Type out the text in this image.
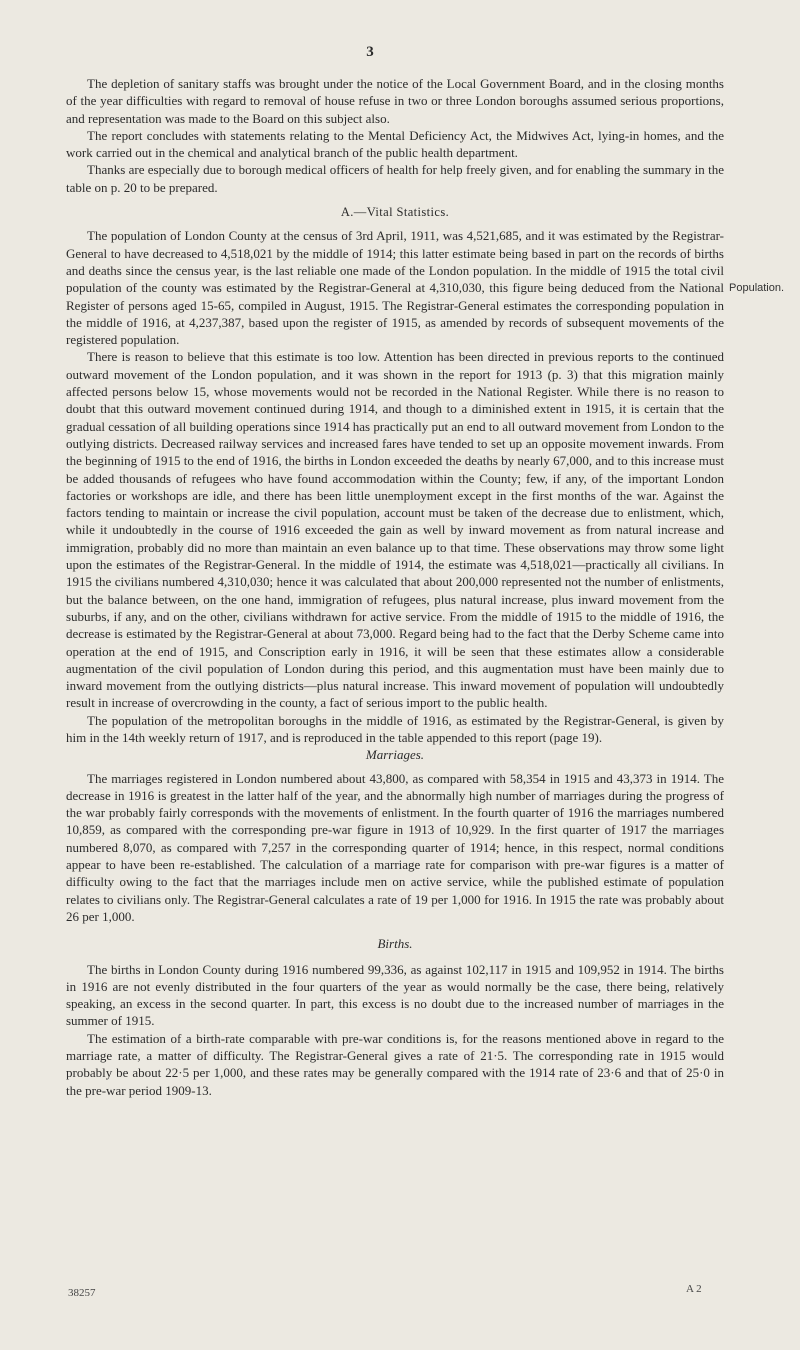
3
Population.

The depletion of sanitary staffs was brought under the notice of the Local Government Board, and in the closing months of the year difficulties with regard to removal of house refuse in two or three London boroughs assumed serious proportions, and representation was made to the Board on this subject also.

The report concludes with statements relating to the Mental Deficiency Act, the Midwives Act, lying-in homes, and the work carried out in the chemical and analytical branch of the public health department.

Thanks are especially due to borough medical officers of health for help freely given, and for enabling the summary in the table on p. 20 to be prepared.

A.—Vital Statistics.

The population of London County at the census of 3rd April, 1911, was 4,521,685, and it was estimated by the Registrar-General to have decreased to 4,518,021 by the middle of 1914; this latter estimate being based in part on the records of births and deaths since the census year, is the last reliable one made of the London population. In the middle of 1915 the total civil population of the county was estimated by the Registrar-General at 4,310,030, this figure being deduced from the National Register of persons aged 15-65, compiled in August, 1915. The Registrar-General estimates the corresponding population in the middle of 1916, at 4,237,387, based upon the register of 1915, as amended by records of subsequent movements of the registered population.

There is reason to believe that this estimate is too low. Attention has been directed in previous reports to the continued outward movement of the London population, and it was shown in the report for 1913 (p. 3) that this migration mainly affected persons below 15, whose movements would not be recorded in the National Register. While there is no reason to doubt that this outward movement continued during 1914, and though to a diminished extent in 1915, it is certain that the gradual cessation of all building operations since 1914 has practically put an end to all outward movement from London to the outlying districts. Decreased railway services and increased fares have tended to set up an opposite movement inwards. From the beginning of 1915 to the end of 1916, the births in London exceeded the deaths by nearly 67,000, and to this increase must be added thousands of refugees who have found accommodation within the County; few, if any, of the important London factories or workshops are idle, and there has been little unemployment except in the first months of the war. Against the factors tending to maintain or increase the civil population, account must be taken of the decrease due to enlistment, which, while it undoubtedly in the course of 1916 exceeded the gain as well by inward movement as from natural increase and immigration, probably did no more than maintain an even balance up to that time. These observations may throw some light upon the estimates of the Registrar-General. In the middle of 1914, the estimate was 4,518,021—practically all civilians. In 1915 the civilians numbered 4,310,030; hence it was calculated that about 200,000 represented not the number of enlistments, but the balance between, on the one hand, immigration of refugees, plus natural increase, plus inward movement from the suburbs, if any, and on the other, civilians withdrawn for active service. From the middle of 1915 to the middle of 1916, the decrease is estimated by the Registrar-General at about 73,000. Regard being had to the fact that the Derby Scheme came into operation at the end of 1915, and Conscription early in 1916, it will be seen that these estimates allow a considerable augmentation of the civil population of London during this period, and this augmentation must have been mainly due to inward movement from the outlying districts—plus natural increase. This inward movement of population will undoubtedly result in increase of overcrowding in the county, a fact of serious import to the public health.

The population of the metropolitan boroughs in the middle of 1916, as estimated by the Registrar-General, is given by him in the 14th weekly return of 1917, and is reproduced in the table appended to this report (page 19).

Marriages.

The marriages registered in London numbered about 43,800, as compared with 58,354 in 1915 and 43,373 in 1914. The decrease in 1916 is greatest in the latter half of the year, and the abnormally high number of marriages during the progress of the war probably fairly corresponds with the movements of enlistment. In the fourth quarter of 1916 the marriages numbered 10,859, as compared with the corresponding pre-war figure in 1913 of 10,929. In the first quarter of 1917 the marriages numbered 8,070, as compared with 7,257 in the corresponding quarter of 1914; hence, in this respect, normal conditions appear to have been re-established. The calculation of a marriage rate for comparison with pre-war figures is a matter of difficulty owing to the fact that the marriages include men on active service, while the published estimate of population relates to civilians only. The Registrar-General calculates a rate of 19 per 1,000 for 1916. In 1915 the rate was probably about 26 per 1,000.

Births.

The births in London County during 1916 numbered 99,336, as against 102,117 in 1915 and 109,952 in 1914. The births in 1916 are not evenly distributed in the four quarters of the year as would normally be the case, there being, relatively speaking, an excess in the second quarter. In part, this excess is no doubt due to the increased number of marriages in the summer of 1915.

The estimation of a birth-rate comparable with pre-war conditions is, for the reasons mentioned above in regard to the marriage rate, a matter of difficulty. The Registrar-General gives a rate of 21·5. The corresponding rate in 1915 would probably be about 22·5 per 1,000, and these rates may be generally compared with the 1914 rate of 23·6 and that of 25·0 in the pre-war period 1909-13.

38257	A 2
